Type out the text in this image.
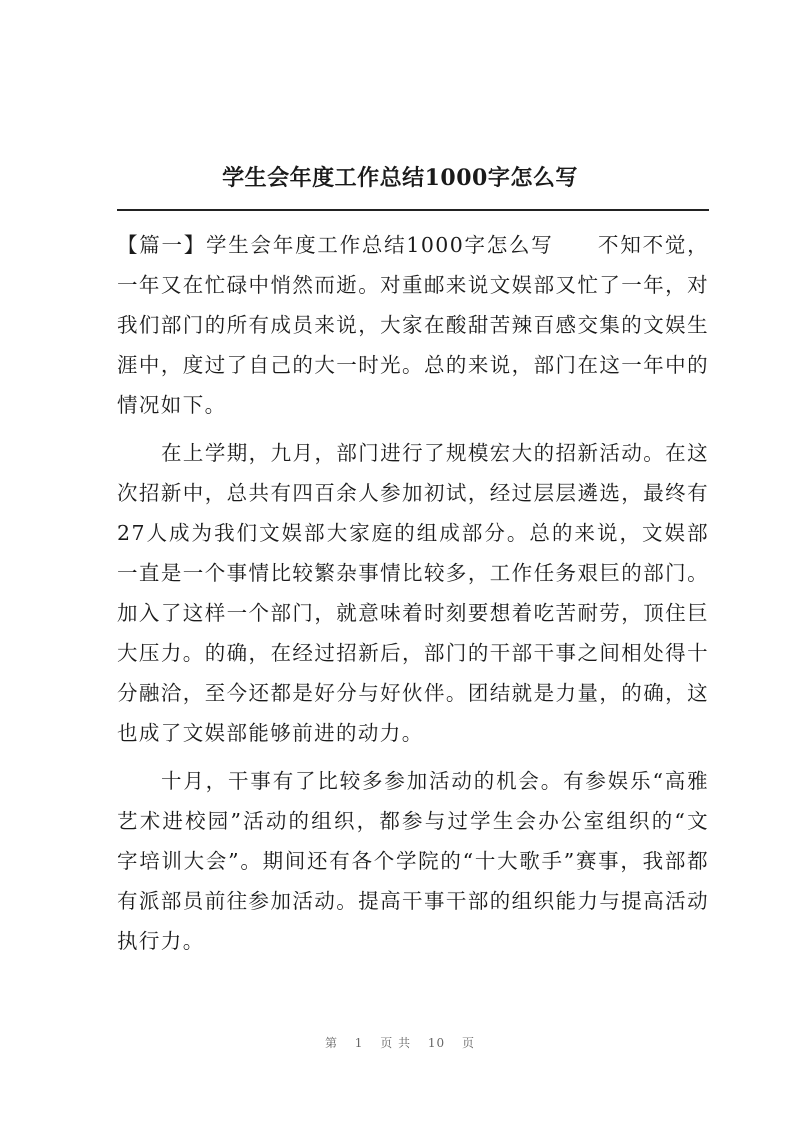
学生会年度工作总结1000字怎么写

【篇一】学生会年度工作总结1000字怎么写　　不知不觉，一年又在忙碌中悄然而逝。对重邮来说文娱部又忙了一年，对我们部门的所有成员来说，大家在酸甜苦辣百感交集的文娱生涯中，度过了自己的大一时光。总的来说，部门在这一年中的情况如下。

在上学期，九月，部门进行了规模宏大的招新活动。在这次招新中，总共有四百余人参加初试，经过层层遴选，最终有27人成为我们文娱部大家庭的组成部分。总的来说，文娱部一直是一个事情比较繁杂事情比较多，工作任务艰巨的部门。加入了这样一个部门，就意味着时刻要想着吃苦耐劳，顶住巨大压力。的确，在经过招新后，部门的干部干事之间相处得十分融洽，至今还都是好分与好伙伴。团结就是力量，的确，这也成了文娱部能够前进的动力。

十月，干事有了比较多参加活动的机会。有参娱乐“高雅艺术进校园”活动的组织，都参与过学生会办公室组织的“文字培训大会”。期间还有各个学院的“十大歌手”赛事，我部都有派部员前往参加活动。提高干事干部的组织能力与提高活动执行力。

第 1 页 共 10 页
